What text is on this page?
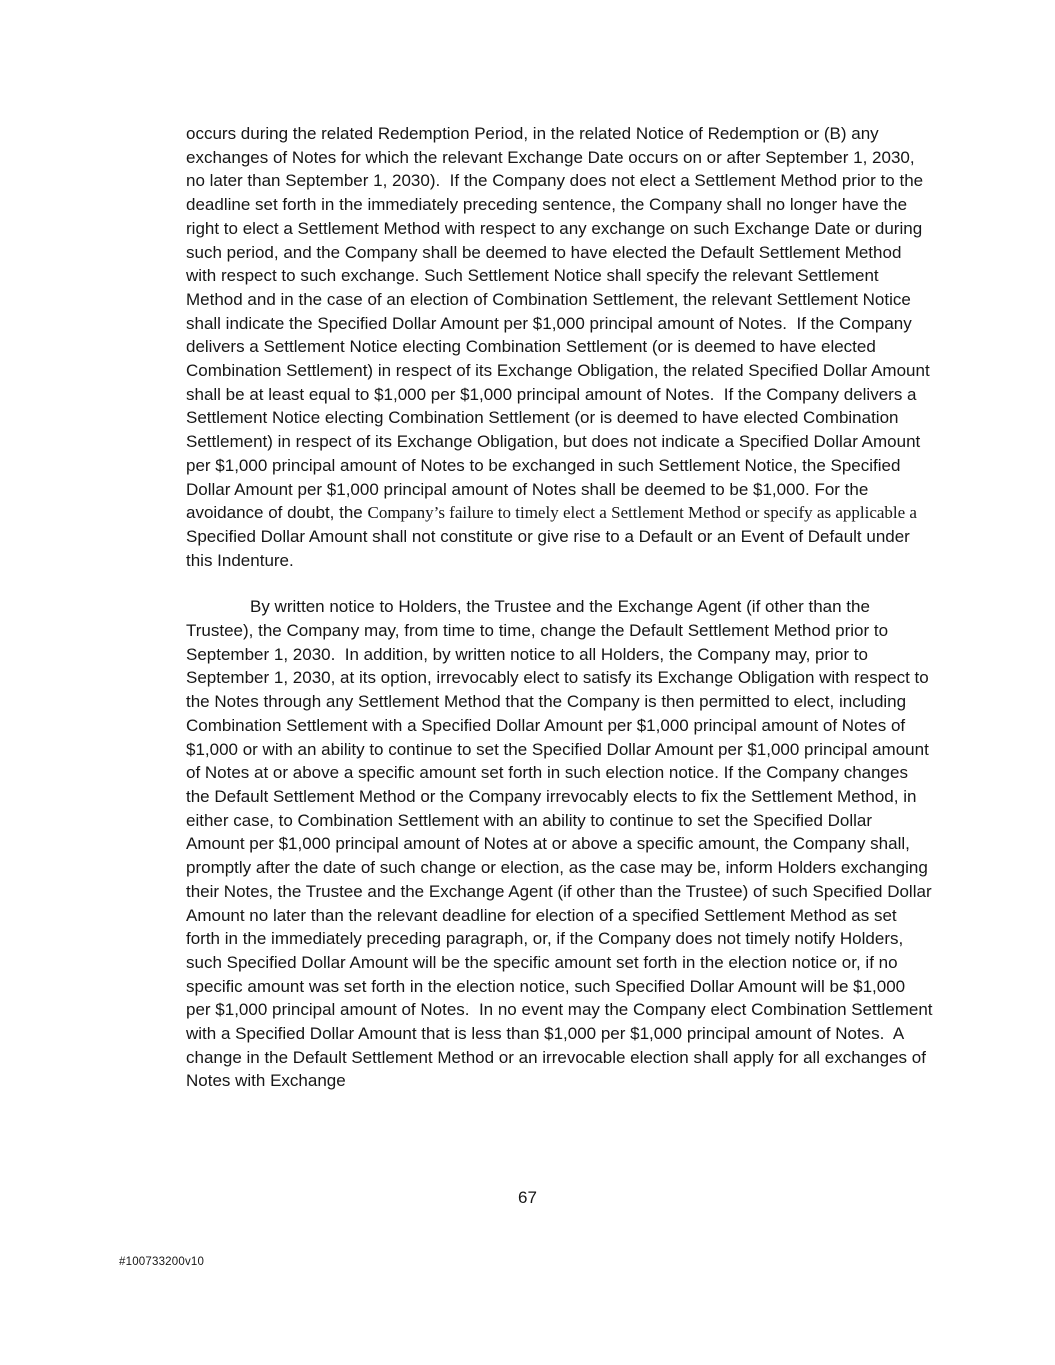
occurs during the related Redemption Period, in the related Notice of Redemption or (B) any exchanges of Notes for which the relevant Exchange Date occurs on or after September 1, 2030, no later than September 1, 2030).  If the Company does not elect a Settlement Method prior to the deadline set forth in the immediately preceding sentence, the Company shall no longer have the right to elect a Settlement Method with respect to any exchange on such Exchange Date or during such period, and the Company shall be deemed to have elected the Default Settlement Method with respect to such exchange. Such Settlement Notice shall specify the relevant Settlement Method and in the case of an election of Combination Settlement, the relevant Settlement Notice shall indicate the Specified Dollar Amount per $1,000 principal amount of Notes.  If the Company delivers a Settlement Notice electing Combination Settlement (or is deemed to have elected Combination Settlement) in respect of its Exchange Obligation, the related Specified Dollar Amount shall be at least equal to $1,000 per $1,000 principal amount of Notes.  If the Company delivers a Settlement Notice electing Combination Settlement (or is deemed to have elected Combination Settlement) in respect of its Exchange Obligation, but does not indicate a Specified Dollar Amount per $1,000 principal amount of Notes to be exchanged in such Settlement Notice, the Specified Dollar Amount per $1,000 principal amount of Notes shall be deemed to be $1,000. For the avoidance of doubt, the Company’s failure to timely elect a Settlement Method or specify as applicable a Specified Dollar Amount shall not constitute or give rise to a Default or an Event of Default under this Indenture.

By written notice to Holders, the Trustee and the Exchange Agent (if other than the Trustee), the Company may, from time to time, change the Default Settlement Method prior to September 1, 2030.  In addition, by written notice to all Holders, the Company may, prior to September 1, 2030, at its option, irrevocably elect to satisfy its Exchange Obligation with respect to the Notes through any Settlement Method that the Company is then permitted to elect, including Combination Settlement with a Specified Dollar Amount per $1,000 principal amount of Notes of $1,000 or with an ability to continue to set the Specified Dollar Amount per $1,000 principal amount of Notes at or above a specific amount set forth in such election notice. If the Company changes the Default Settlement Method or the Company irrevocably elects to fix the Settlement Method, in either case, to Combination Settlement with an ability to continue to set the Specified Dollar Amount per $1,000 principal amount of Notes at or above a specific amount, the Company shall, promptly after the date of such change or election, as the case may be, inform Holders exchanging their Notes, the Trustee and the Exchange Agent (if other than the Trustee) of such Specified Dollar Amount no later than the relevant deadline for election of a specified Settlement Method as set forth in the immediately preceding paragraph, or, if the Company does not timely notify Holders, such Specified Dollar Amount will be the specific amount set forth in the election notice or, if no specific amount was set forth in the election notice, such Specified Dollar Amount will be $1,000 per $1,000 principal amount of Notes.  In no event may the Company elect Combination Settlement with a Specified Dollar Amount that is less than $1,000 per $1,000 principal amount of Notes.  A change in the Default Settlement Method or an irrevocable election shall apply for all exchanges of Notes with Exchange

67
#100733200v10
